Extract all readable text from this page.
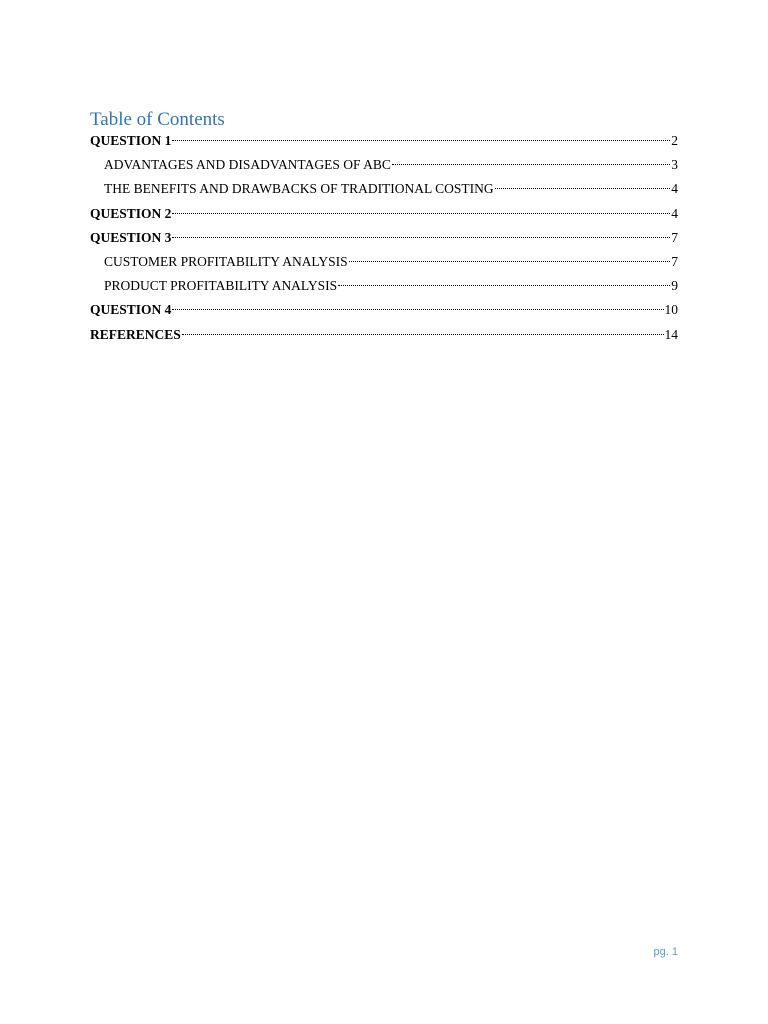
Table of Contents
QUESTION 1	2
ADVANTAGES AND DISADVANTAGES OF ABC	3
THE BENEFITS AND DRAWBACKS OF TRADITIONAL COSTING	4
QUESTION 2	4
QUESTION 3	7
CUSTOMER PROFITABILITY ANALYSIS	7
PRODUCT PROFITABILITY ANALYSIS	9
QUESTION 4	10
REFERENCES	14
pg. 1
